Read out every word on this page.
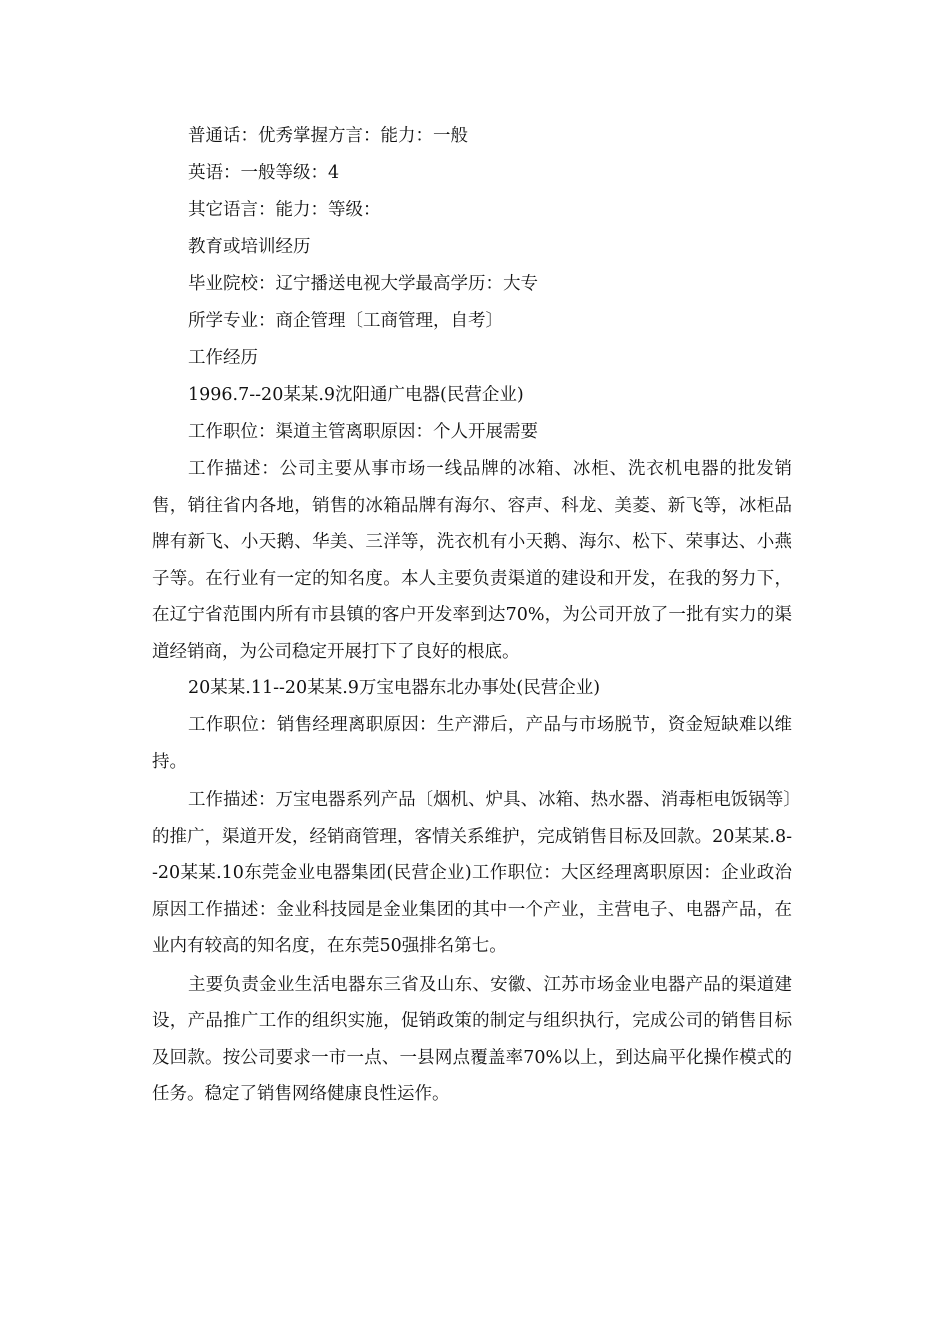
普通话：优秀掌握方言：能力：一般
英语：一般等级：4
其它语言：能力：等级：
教育或培训经历
毕业院校：辽宁播送电视大学最高学历：大专
所学专业：商企管理〔工商管理，自考〕
工作经历
1996.7--20某某.9沈阳通广电器(民营企业)
工作职位：渠道主管离职原因：个人开展需要

工作描述：公司主要从事市场一线品牌的冰箱、冰柜、洗衣机电器的批发销售，销往省内各地，销售的冰箱品牌有海尔、容声、科龙、美菱、新飞等，冰柜品牌有新飞、小天鹅、华美、三洋等，洗衣机有小天鹅、海尔、松下、荣事达、小燕子等。在行业有一定的知名度。本人主要负责渠道的建设和开发，在我的努力下，在辽宁省范围内所有市县镇的客户开发率到达70%，为公司开放了一批有实力的渠道经销商，为公司稳定开展打下了良好的根底。

20某某.11--20某某.9万宝电器东北办事处(民营企业)

工作职位：销售经理离职原因：生产滞后，产品与市场脱节，资金短缺难以维持。

工作描述：万宝电器系列产品〔烟机、炉具、冰箱、热水器、消毒柜电饭锅等〕的推广，渠道开发，经销商管理，客情关系维护，完成销售目标及回款。20某某.8--20某某.10东莞金业电器集团(民营企业)工作职位：大区经理离职原因：企业政治原因工作描述：金业科技园是金业集团的其中一个产业，主营电子、电器产品，在业内有较高的知名度，在东莞50强排名第七。

主要负责金业生活电器东三省及山东、安徽、江苏市场金业电器产品的渠道建设，产品推广工作的组织实施，促销政策的制定与组织执行，完成公司的销售目标及回款。按公司要求一市一点、一县网点覆盖率70%以上，到达扁平化操作模式的任务。稳定了销售网络健康良性运作。
